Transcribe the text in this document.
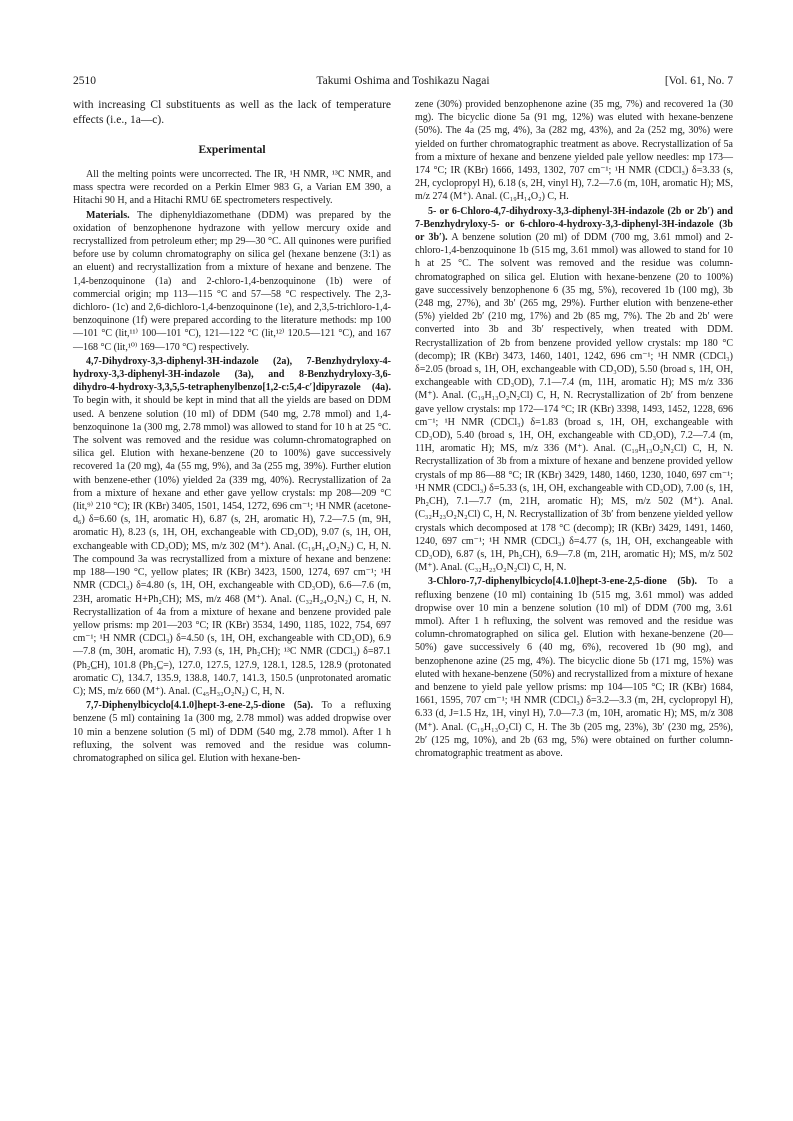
2510	Takumi Oshima and Toshikazu Nagai	[Vol. 61, No. 7

with increasing Cl substituents as well as the lack of temperature effects (i.e., 1a—c).

Experimental

All the melting points were uncorrected. The IR, ¹H NMR, ¹³C NMR, and mass spectra were recorded on a Perkin Elmer 983 G, a Varian EM 390, a Hitachi 90 H, and a Hitachi RMU 6E spectrometers respectively.

Materials. The diphenyldiazomethane (DDM) was prepared by the oxidation of benzophenone hydrazone with yellow mercury oxide and recrystallized from petroleum ether; mp 29—30 °C. All quinones were purified before use by column chromatography on silica gel (hexane benzene (3:1) as an eluent) and recrystallization from a mixture of hexane and benzene. The 1,4-benzoquinone (1a) and 2-chloro-1,4-benzoquinone (1b) were of commercial origin; mp 113—115 °C and 57—58 °C respectively. The 2,3-dichloro- (1c) and 2,6-dichloro-1,4-benzoquinone (1e), and 2,3,5-trichloro-1,4-benzoquinone (1f) were prepared according to the literature methods: mp 100—101 °C (lit,¹¹⁾ 100—101 °C), 121—122 °C (lit,¹²⁾ 120.5—121 °C), and 167—168 °C (lit,¹⁰⁾ 169—170 °C) respectively.

4,7-Dihydroxy-3,3-diphenyl-3H-indazole (2a), 7-Benzhydryloxy-4-hydroxy-3,3-diphenyl-3H-indazole (3a), and 8-Benzhydryloxy-3,6-dihydro-4-hydroxy-3,3,5,5-tetraphenylbenzo[1,2-c:5,4-c′]dipyrazole (4a). To begin with, it should be kept in mind that all the yields are based on DDM used. A benzene solution (10 ml) of DDM (540 mg, 2.78 mmol) and 1,4-benzoquinone 1a (300 mg, 2.78 mmol) was allowed to stand for 10 h at 25 °C. The solvent was removed and the residue was column-chromatographed on silica gel. Elution with hexane-benzene (20 to 100%) gave successively recovered 1a (20 mg), 4a (55 mg, 9%), and 3a (255 mg, 39%). Further elution with benzene-ether (10%) yielded 2a (339 mg, 40%). Recrystallization of 2a from a mixture of hexane and ether gave yellow crystals: mp 208—209 °C (lit,⁹⁾ 210 °C); IR (KBr) 3405, 1501, 1454, 1272, 696 cm⁻¹; ¹H NMR (acetone-d₆) δ=6.60 (s, 1H, aromatic H), 6.87 (s, 2H, aromatic H), 7.2—7.5 (m, 9H, aromatic H), 8.23 (s, 1H, OH, exchangeable with CD₃OD), 9.07 (s, 1H, OH, exchangeable with CD₃OD); MS, m/z 302 (M⁺). Anal. (C₁₉H₁₄O₂N₂) C, H, N. The compound 3a was recrystallized from a mixture of hexane and benzene: mp 188—190 °C, yellow plates; IR (KBr) 3423, 1500, 1274, 697 cm⁻¹; ¹H NMR (CDCl₃) δ=4.80 (s, 1H, OH, exchangeable with CD₃OD), 6.6—7.6 (m, 23H, aromatic H+Ph₂CH); MS, m/z 468 (M⁺). Anal. (C₃₂H₂₄O₂N₂) C, H, N. Recrystallization of 4a from a mixture of hexane and benzene provided pale yellow prisms: mp 201—203 °C; IR (KBr) 3534, 1490, 1185, 1022, 754, 697 cm⁻¹; ¹H NMR (CDCl₃) δ=4.50 (s, 1H, OH, exchangeable with CD₃OD), 6.9—7.8 (m, 30H, aromatic H), 7.93 (s, 1H, Ph₂CH); ¹³C NMR (CDCl₃) δ=87.1 (Ph₂C̲H), 101.8 (Ph₂C̲=), 127.0, 127.5, 127.9, 128.1, 128.5, 128.9 (protonated aromatic C), 134.7, 135.9, 138.8, 140.7, 141.3, 150.5 (unprotonated aromatic C); MS, m/z 660 (M⁺). Anal. (C₄₅H₃₂O₂N₂) C, H, N.

7,7-Diphenylbicyclo[4.1.0]hept-3-ene-2,5-dione (5a). To a refluxing benzene (5 ml) containing 1a (300 mg, 2.78 mmol) was added dropwise over 10 min a benzene solution (5 ml) of DDM (540 mg, 2.78 mmol). After 1 h refluxing, the solvent was removed and the residue was column-chromatographed on silica gel. Elution with hexane-ben-

zene (30%) provided benzophenone azine (35 mg, 7%) and recovered 1a (30 mg). The bicyclic dione 5a (91 mg, 12%) was eluted with hexane-benzene (50%). The 4a (25 mg, 4%), 3a (282 mg, 43%), and 2a (252 mg, 30%) were yielded on further chromatographic treatment as above. Recrystallization of 5a from a mixture of hexane and benzene yielded pale yellow needles: mp 173—174 °C; IR (KBr) 1666, 1493, 1302, 707 cm⁻¹; ¹H NMR (CDCl₃) δ=3.33 (s, 2H, cyclopropyl H), 6.18 (s, 2H, vinyl H), 7.2—7.6 (m, 10H, aromatic H); MS, m/z 274 (M⁺). Anal. (C₁₉H₁₄O₂) C, H.

5- or 6-Chloro-4,7-dihydroxy-3,3-diphenyl-3H-indazole (2b or 2b′) and 7-Benzhydryloxy-5- or 6-chloro-4-hydroxy-3,3-diphenyl-3H-indazole (3b or 3b′). A benzene solution (20 ml) of DDM (700 mg, 3.61 mmol) and 2-chloro-1,4-benzoquinone 1b (515 mg, 3.61 mmol) was allowed to stand for 10 h at 25 °C. The solvent was removed and the residue was column-chromatographed on silica gel. Elution with hexane-benzene (20 to 100%) gave successively benzophenone 6 (35 mg, 5%), recovered 1b (100 mg), 3b (248 mg, 27%), and 3b′ (265 mg, 29%). Further elution with benzene-ether (5%) yielded 2b′ (210 mg, 17%) and 2b (85 mg, 7%). The 2b and 2b′ were converted into 3b and 3b′ respectively, when treated with DDM. Recrystallization of 2b from benzene provided yellow crystals: mp 180 °C (decomp); IR (KBr) 3473, 1460, 1401, 1242, 696 cm⁻¹; ¹H NMR (CDCl₃) δ=2.05 (broad s, 1H, OH, exchangeable with CD₃OD), 5.50 (broad s, 1H, OH, exchangeable with CD₃OD), 7.1—7.4 (m, 11H, aromatic H); MS m/z 336 (M⁺). Anal. (C₁₉H₁₃O₂N₂Cl) C, H, N. Recrystallization of 2b′ from benzene gave yellow crystals: mp 172—174 °C; IR (KBr) 3398, 1493, 1452, 1228, 696 cm⁻¹; ¹H NMR (CDCl₃) δ=1.83 (broad s, 1H, OH, exchangeable with CD₃OD), 5.40 (broad s, 1H, OH, exchangeable with CD₃OD), 7.2—7.4 (m, 11H, aromatic H); MS, m/z 336 (M⁺). Anal. (C₁₉H₁₃O₂N₂Cl) C, H, N. Recrystallization of 3b from a mixture of hexane and benzene provided yellow crystals of mp 86—88 °C; IR (KBr) 3429, 1480, 1460, 1230, 1040, 697 cm⁻¹; ¹H NMR (CDCl₃) δ=5.33 (s, 1H, OH, exchangeable with CD₃OD), 7.00 (s, 1H, Ph₂CH), 7.1—7.7 (m, 21H, aromatic H); MS, m/z 502 (M⁺). Anal. (C₃₂H₂₃O₂N₂Cl) C, H, N. Recrystallization of 3b′ from benzene yielded yellow crystals which decomposed at 178 °C (decomp); IR (KBr) 3429, 1491, 1460, 1240, 697 cm⁻¹; ¹H NMR (CDCl₃) δ=4.77 (s, 1H, OH, exchangeable with CD₃OD), 6.87 (s, 1H, Ph₂CH), 6.9—7.8 (m, 21H, aromatic H); MS, m/z 502 (M⁺). Anal. (C₃₂H₂₃O₂N₂Cl) C, H, N.

3-Chloro-7,7-diphenylbicyclo[4.1.0]hept-3-ene-2,5-dione (5b). To a refluxing benzene (10 ml) containing 1b (515 mg, 3.61 mmol) was added dropwise over 10 min a benzene solution (10 ml) of DDM (700 mg, 3.61 mmol). After 1 h refluxing, the solvent was removed and the residue was column-chromatographed on silica gel. Elution with hexane-benzene (20—50%) gave successively 6 (40 mg, 6%), recovered 1b (90 mg), and benzophenone azine (25 mg, 4%). The bicyclic dione 5b (171 mg, 15%) was eluted with hexane-benzene (50%) and recrystallized from a mixture of hexane and benzene to yield pale yellow prisms: mp 104—105 °C; IR (KBr) 1684, 1661, 1595, 707 cm⁻¹; ¹H NMR (CDCl₃) δ=3.2—3.3 (m, 2H, cyclopropyl H), 6.33 (d, J=1.5 Hz, 1H, vinyl H), 7.0—7.3 (m, 10H, aromatic H); MS, m/z 308 (M⁺). Anal. (C₁₉H₁₃O₂Cl) C, H. The 3b (205 mg, 23%), 3b′ (230 mg, 25%), 2b′ (125 mg, 10%), and 2b (63 mg, 5%) were obtained on further column-chromatographic treatment as above.
